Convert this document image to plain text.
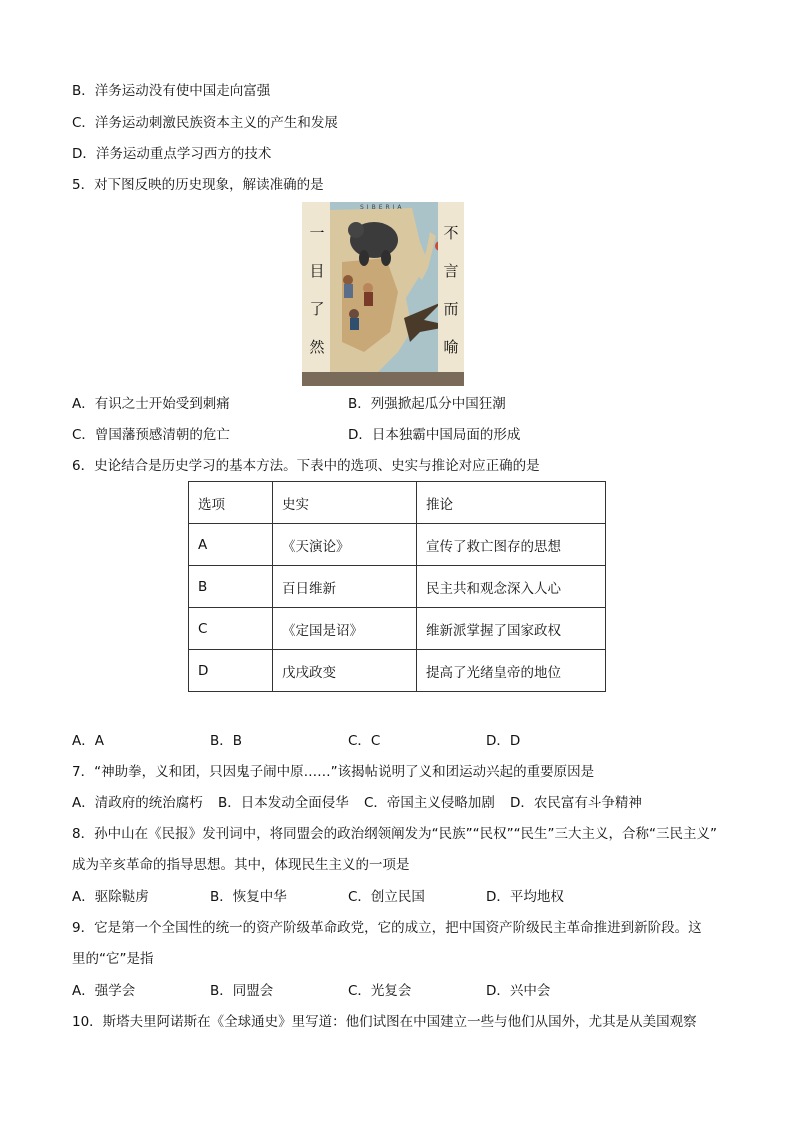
B．洋务运动没有使中国走向富强
C．洋务运动刺激民族资本主义的产生和发展
D．洋务运动重点学习西方的技术
5．对下图反映的历史现象，解读准确的是
SIBERIA
一
目
了
然
不
言
而
喻
A．有识之士开始受到刺痛	B．列强掀起瓜分中国狂潮
C．曾国藩预感清朝的危亡	D．日本独霸中国局面的形成
6．史论结合是历史学习的基本方法。下表中的选项、史实与推论对应正确的是
选项	史实	推论
A	《天演论》	宣传了救亡图存的思想
B	百日维新	民主共和观念深入人心
C	《定国是诏》	维新派掌握了国家政权
D	戊戌政变	提高了光绪皇帝的地位
A．A	B．B	C．C	D．D
7．“神助拳，义和团，只因鬼子闹中原……”该揭帖说明了义和团运动兴起的重要原因是
A．清政府的统治腐朽 B．日本发动全面侵华 C．帝国主义侵略加剧 D．农民富有斗争精神
8．孙中山在《民报》发刊词中，将同盟会的政治纲领阐发为“民族”“民权”“民生”三大主义，合称“三民主义”
成为辛亥革命的指导思想。其中，体现民生主义的一项是
A．驱除鞑虏	B．恢复中华	C．创立民国	D．平均地权
9．它是第一个全国性的统一的资产阶级革命政党，它的成立，把中国资产阶级民主革命推进到新阶段。这
里的“它”是指
A．强学会	B．同盟会	C．光复会	D．兴中会
10．斯塔夫里阿诺斯在《全球通史》里写道：他们试图在中国建立一些与他们从国外，尤其是从美国观察
